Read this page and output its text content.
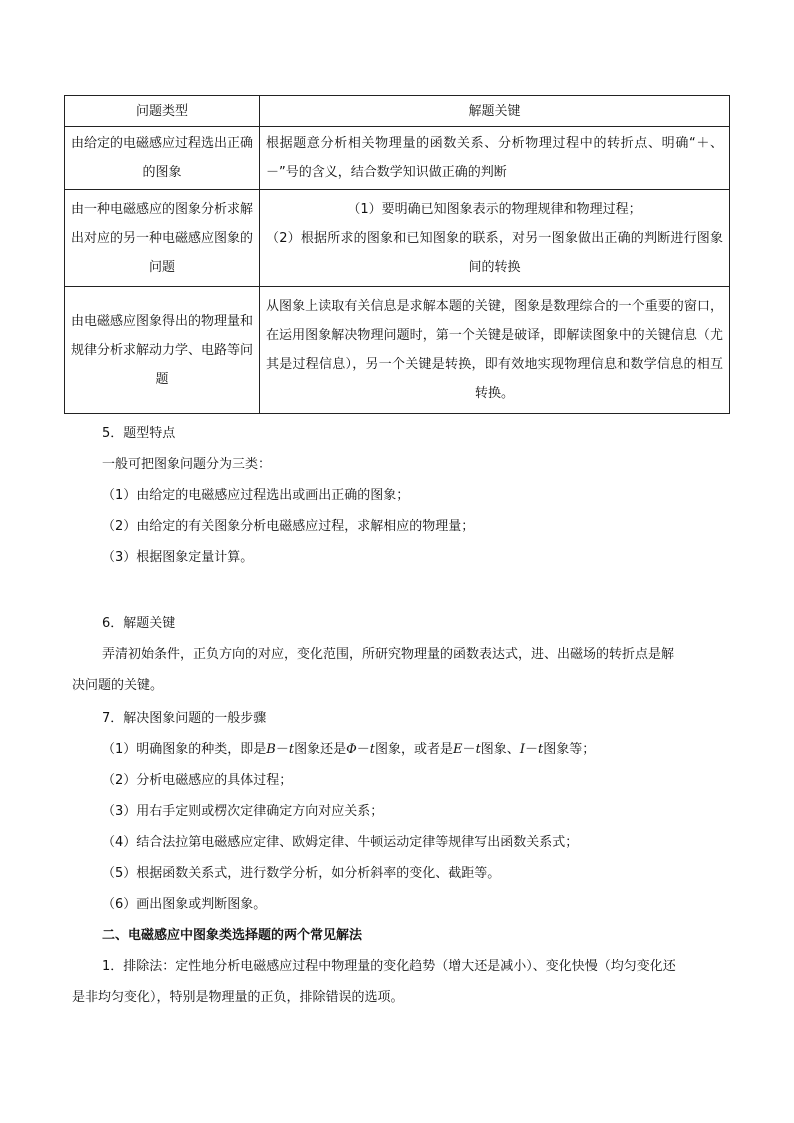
问题类型	解题关键
由给定的电磁感应过程选出正确的图象	根据题意分析相关物理量的函数关系、分析物理过程中的转折点、明确“＋、－”号的含义，结合数学知识做正确的判断

由一种电磁感应的图象分析求解出对应的另一种电磁感应图象的问题	（1）要明确已知图象表示的物理规律和物理过程；

（2）根据所求的图象和已知图象的联系，对另一图象做出正确的判断进行图象间的转换

由电磁感应图象得出的物理量和规律分析求解动力学、电路等问题	从图象上读取有关信息是求解本题的关键，图象是数理综合的一个重要的窗口，在运用图象解决物理问题时，第一个关键是破译，即解读图象中的关键信息（尤其是过程信息），另一个关键是转换，即有效地实现物理信息和数学信息的相互转换。

5．题型特点
一般可把图象问题分为三类：
（1）由给定的电磁感应过程选出或画出正确的图象；
（2）由给定的有关图象分析电磁感应过程，求解相应的物理量；
（3）根据图象定量计算。
6．解题关键
弄清初始条件，正负方向的对应，变化范围，所研究物理量的函数表达式，进、出磁场的转折点是解
决问题的关键。
7．解决图象问题的一般步骤
（1）明确图象的种类，即是B－t图象还是Φ－t图象，或者是E－t图象、I－t图象等；
（2）分析电磁感应的具体过程；
（3）用右手定则或楞次定律确定方向对应关系；
（4）结合法拉第电磁感应定律、欧姆定律、牛顿运动定律等规律写出函数关系式；
（5）根据函数关系式，进行数学分析，如分析斜率的变化、截距等。
（6）画出图象或判断图象。
二、电磁感应中图象类选择题的两个常见解法
1．排除法：定性地分析电磁感应过程中物理量的变化趋势（增大还是减小）、变化快慢（均匀变化还
是非均匀变化），特别是物理量的正负，排除错误的选项。
